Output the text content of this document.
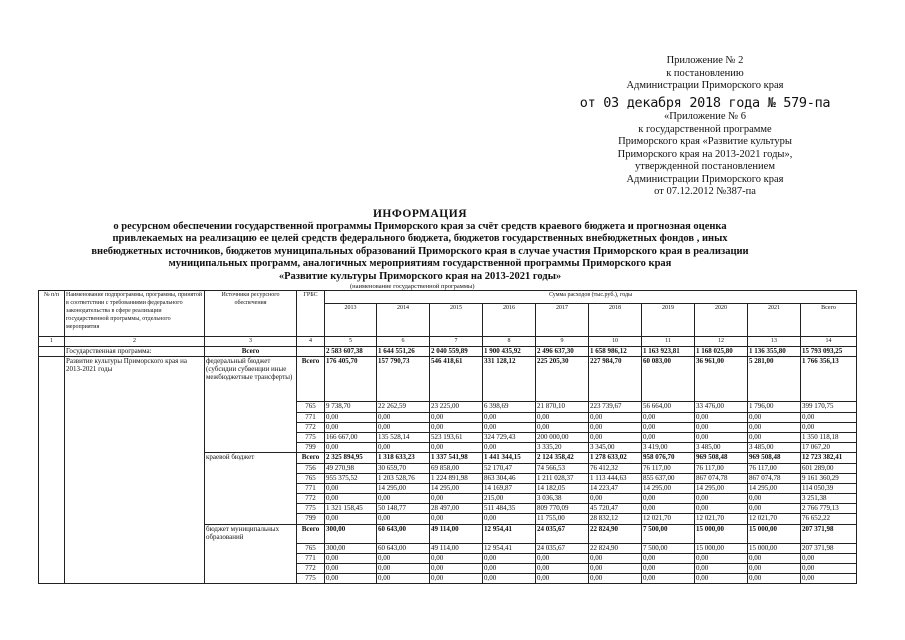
Приложение № 2
к постановлению
Администрации Приморского края
от 03 декабря 2018 года № 579-па
«Приложение № 6
к государственной программе
Приморского края «Развитие культуры
Приморского края на 2013-2021 годы»,
утвержденной постановлением
Администрации Приморского края
от 07.12.2012 №387-па
ИНФОРМАЦИЯ
о ресурсном обеспечении государственной программы Приморского края за счёт средств краевого бюджета и прогнозная оценка
привлекаемых на реализацию ее целей средств федерального бюджета, бюджетов государственных внебюджетных фондов , иных
внебюджетных источников, бюджетов муниципальных образований Приморского края в случае участия Приморского края в реализации
муниципальных программ, аналогичных мероприятиям государственной программы Приморского края
«Развитие культуры Приморского края на 2013-2021 годы»
(наименование государственной программы)
№ п/п	Наименование подпрограммы, программы, принятой в соответствии с требованиями федерального законодательства в сфере реализации государственной программы, отдельного мероприятия	Источники ресурсного обеспечения	ГРБС	Сумма расходов (тыс.руб.), годы									
				2013	2014	2015	2016	2017	2018	2019	2020	2021	Всего
1	2	3	4	5	6	7	8	9	10	11	12	13	14
	Государственная программа:	Всего		2 583 607,38	1 644 551,26	2 040 559,89	1 900 435,92	2 496 637,30	1 658 986,12	1 163 923,81	1 168 025,80	1 136 355,80	15 793 093,25
	Развитие культуры Приморского края на 2013-2021 годы	федеральный бюджет (субсидии субвенции иные межбюджетные трансферты)	Всего	176 405,70	157 790,73	546 418,61	331 128,12	225 205,30	227 984,70	60 083,00	36 961,00	5 281,00	1 766 356,13
			765	9 738,70	22 262,59	23 225,00	6 398,69	21 870,10	223 739,67	56 664,00	33 476,00	1 796,00	399 170,75
			771	0,00	0,00	0,00	0,00	0,00	0,00	0,00	0,00	0,00	0,00
			772	0,00	0,00	0,00	0,00	0,00	0,00	0,00	0,00	0,00	0,00
			775	166 667,00	135 528,14	523 193,61	324 729,43	200 000,00	0,00	0,00	0,00	0,00	1 350 118,18
			799	0,00	0,00	0,00	0,00	3 335,20	3 345,00	3 419,00	3 485,00	3 485,00	17 067,20
		краевой бюджет	Всего	2 325 894,95	1 318 633,23	1 337 541,98	1 441 344,15	2 124 358,42	1 278 633,02	958 076,70	969 508,48	969 508,48	12 723 382,41
			756	49 270,98	30 659,70	69 858,00	52 170,47	74 566,53	76 412,32	76 117,00	76 117,00	76 117,00	601 289,00
			765	955 375,52	1 203 528,76	1 224 891,98	863 304,46	1 211 028,37	1 113 444,63	855 637,00	867 074,78	867 074,78	9 161 360,29
			771	0,00	14 295,00	14 295,00	14 169,87	14 182,05	14 223,47	14 295,00	14 295,00	14 295,00	114 050,39
			772	0,00	0,00	0,00	215,00	3 036,38	0,00	0,00	0,00	0,00	3 251,38
			775	1 321 158,45	50 148,77	28 497,00	511 484,35	809 770,09	45 720,47	0,00	0,00	0,00	2 766 779,13
			799	0,00	0,00	0,00	0,00	11 755,00	28 832,12	12 021,70	12 021,70	12 021,70	76 652,22
		бюджет муниципальных образований	Всего	300,00	60 643,00	49 114,00	12 954,41	24 035,67	22 824,90	7 500,00	15 000,00	15 000,00	207 371,98
			765	300,00	60 643,00	49 114,00	12 954,41	24 035,67	22 824,90	7 500,00	15 000,00	15 000,00	207 371,98
			771	0,00	0,00	0,00	0,00	0,00	0,00	0,00	0,00	0,00	0,00
			772	0,00	0,00	0,00	0,00	0,00	0,00	0,00	0,00	0,00	0,00
			775	0,00	0,00	0,00	0,00	0,00	0,00	0,00	0,00	0,00	0,00
